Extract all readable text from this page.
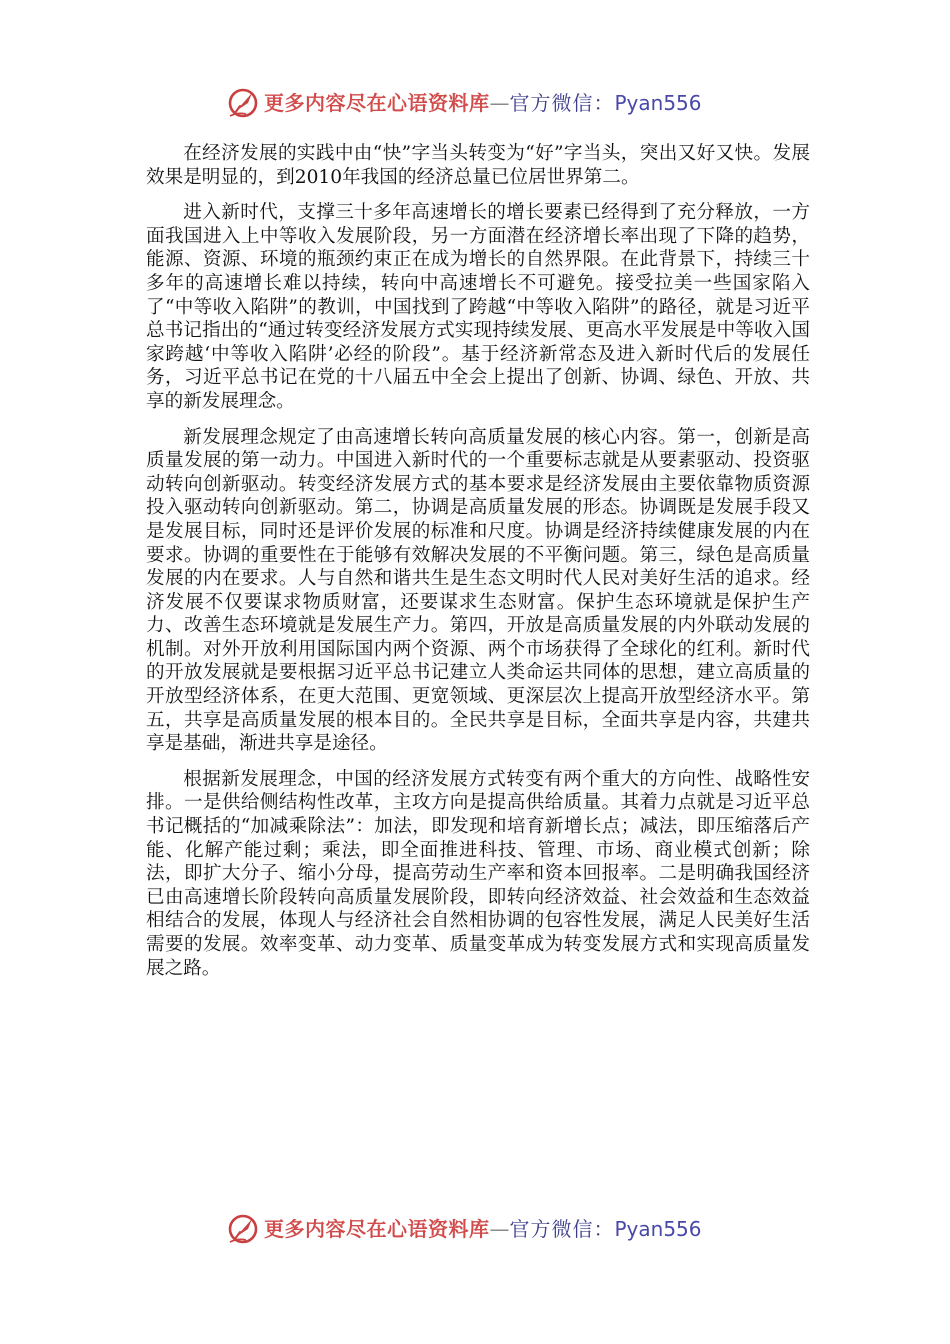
更多内容尽在心语资料库—官方微信：Pyan556

在经济发展的实践中由“快”字当头转变为“好”字当头，突出又好又快。发展效果是明显的，到2010年我国的经济总量已位居世界第二。

进入新时代，支撑三十多年高速增长的增长要素已经得到了充分释放，一方面我国进入上中等收入发展阶段，另一方面潜在经济增长率出现了下降的趋势，能源、资源、环境的瓶颈约束正在成为增长的自然界限。在此背景下，持续三十多年的高速增长难以持续，转向中高速增长不可避免。接受拉美一些国家陷入了“中等收入陷阱”的教训，中国找到了跨越“中等收入陷阱”的路径，就是习近平总书记指出的“通过转变经济发展方式实现持续发展、更高水平发展是中等收入国家跨越‘中等收入陷阱’必经的阶段”。基于经济新常态及进入新时代后的发展任务，习近平总书记在党的十八届五中全会上提出了创新、协调、绿色、开放、共享的新发展理念。

新发展理念规定了由高速增长转向高质量发展的核心内容。第一，创新是高质量发展的第一动力。中国进入新时代的一个重要标志就是从要素驱动、投资驱动转向创新驱动。转变经济发展方式的基本要求是经济发展由主要依靠物质资源投入驱动转向创新驱动。第二，协调是高质量发展的形态。协调既是发展手段又是发展目标，同时还是评价发展的标准和尺度。协调是经济持续健康发展的内在要求。协调的重要性在于能够有效解决发展的不平衡问题。第三，绿色是高质量发展的内在要求。人与自然和谐共生是生态文明时代人民对美好生活的追求。经济发展不仅要谋求物质财富，还要谋求生态财富。保护生态环境就是保护生产力、改善生态环境就是发展生产力。第四，开放是高质量发展的内外联动发展的机制。对外开放利用国际国内两个资源、两个市场获得了全球化的红利。新时代的开放发展就是要根据习近平总书记建立人类命运共同体的思想，建立高质量的开放型经济体系，在更大范围、更宽领域、更深层次上提高开放型经济水平。第五，共享是高质量发展的根本目的。全民共享是目标，全面共享是内容，共建共享是基础，渐进共享是途径。

根据新发展理念，中国的经济发展方式转变有两个重大的方向性、战略性安排。一是供给侧结构性改革，主攻方向是提高供给质量。其着力点就是习近平总书记概括的“加减乘除法”：加法，即发现和培育新增长点；减法，即压缩落后产能、化解产能过剩；乘法，即全面推进科技、管理、市场、商业模式创新；除法，即扩大分子、缩小分母，提高劳动生产率和资本回报率。二是明确我国经济已由高速增长阶段转向高质量发展阶段，即转向经济效益、社会效益和生态效益相结合的发展，体现人与经济社会自然相协调的包容性发展，满足人民美好生活需要的发展。效率变革、动力变革、质量变革成为转变发展方式和实现高质量发展之路。

更多内容尽在心语资料库—官方微信：Pyan556
